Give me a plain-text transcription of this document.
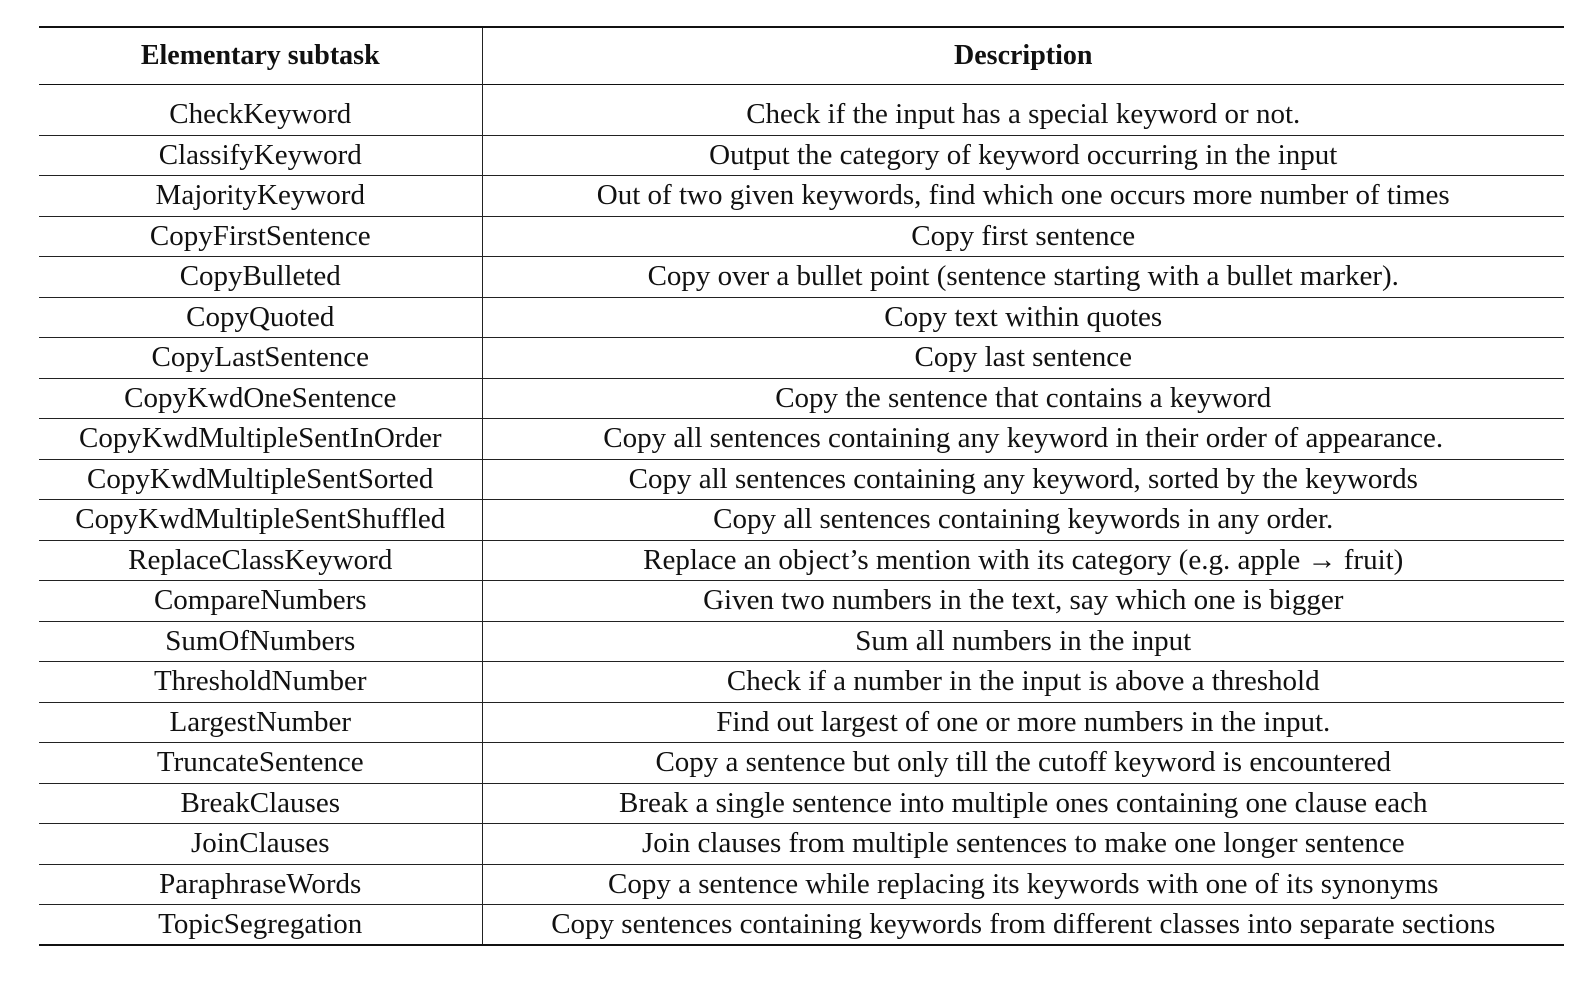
Elementary subtask	Description

CheckKeyword	Check if the input has a special keyword or not.
ClassifyKeyword	Output the category of keyword occurring in the input
MajorityKeyword	Out of two given keywords, find which one occurs more number of times
CopyFirstSentence	Copy first sentence
CopyBulleted	Copy over a bullet point (sentence starting with a bullet marker).
CopyQuoted	Copy text within quotes
CopyLastSentence	Copy last sentence
CopyKwdOneSentence	Copy the sentence that contains a keyword
CopyKwdMultipleSentInOrder	Copy all sentences containing any keyword in their order of appearance.
CopyKwdMultipleSentSorted	Copy all sentences containing any keyword, sorted by the keywords
CopyKwdMultipleSentShuffled	Copy all sentences containing keywords in any order.
ReplaceClassKeyword	Replace an object’s mention with its category (e.g. apple → fruit)
CompareNumbers	Given two numbers in the text, say which one is bigger
SumOfNumbers	Sum all numbers in the input
ThresholdNumber	Check if a number in the input is above a threshold
LargestNumber	Find out largest of one or more numbers in the input.
TruncateSentence	Copy a sentence but only till the cutoff keyword is encountered
BreakClauses	Break a single sentence into multiple ones containing one clause each
JoinClauses	Join clauses from multiple sentences to make one longer sentence
ParaphraseWords	Copy a sentence while replacing its keywords with one of its synonyms
TopicSegregation	Copy sentences containing keywords from different classes into separate sections
